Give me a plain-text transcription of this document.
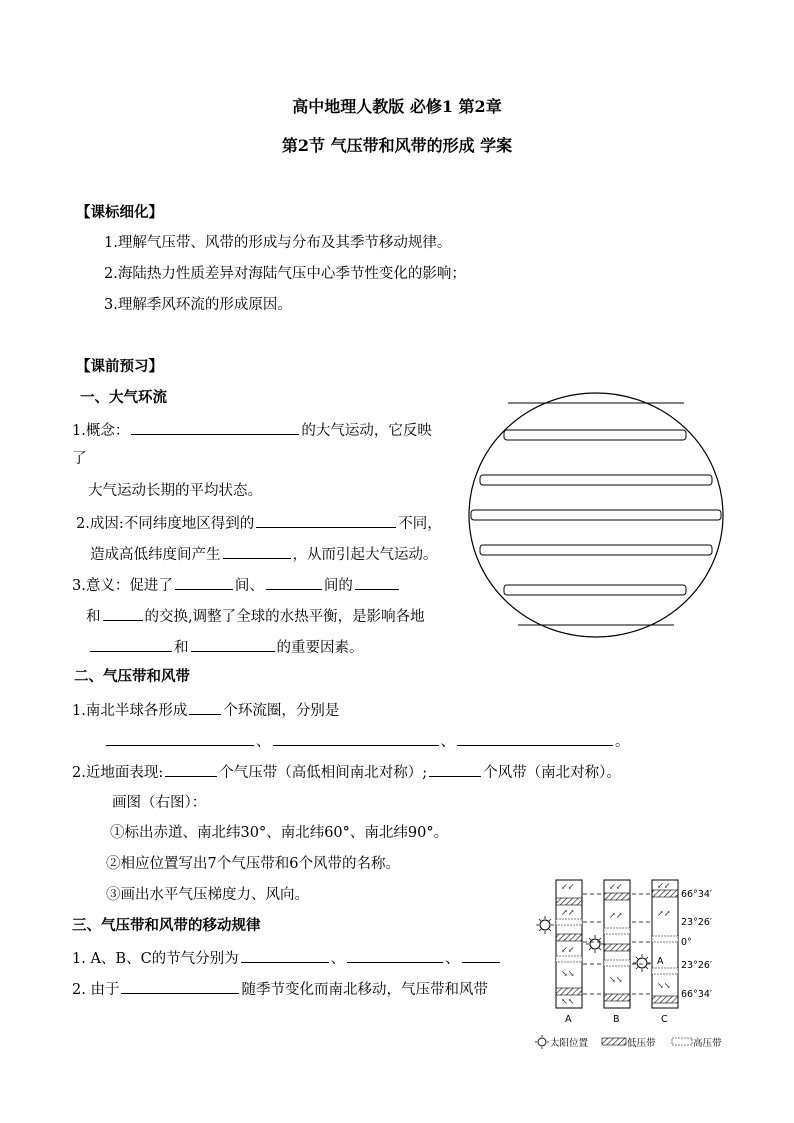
高中地理人教版 必修1 第2章
第2节 气压带和风带的形成 学案
【课标细化】
1.理解气压带、风带的形成与分布及其季节移动规律。
2.海陆热力性质差异对海陆气压中心季节性变化的影响；
3.理解季风环流的形成原因。
【课前预习】
一、大气环流
1.概念：	的大气运动，它反映
了
大气运动长期的平均状态。
2.成因:不同纬度地区得到的	不同，
造成高低纬度间产生	，从而引起大气运动。
3.意义：促进了	间、	间的
和	的交换,调整了全球的水热平衡，是影响各地
和	的重要因素。
二、气压带和风带
1.南北半球各形成 个环流圈，分别是
、	、	。
2.近地面表现:	个气压带（高低相间南北对称）;	个风带（南北对称）。
画图（右图）：
①标出赤道、南北纬30°、南北纬60°、南北纬90°。
②相应位置写出7个气压带和6个风带的名称。
③画出水平气压梯度力、风向。
三、气压带和风带的移动规律
1. A、B、C的节气分别为	、	、
2. 由于	随季节变化而南北移动，气压带和风带
↙↙
↗↗
↙↙
↘↘
↖↖
↙↙
↗↗
↘↘
↙↙
↗↗
↘↘
A
66°34′
23°26′
0°
23°26′
66°34′
A	B	C
太阳位置	低压带	高压带
